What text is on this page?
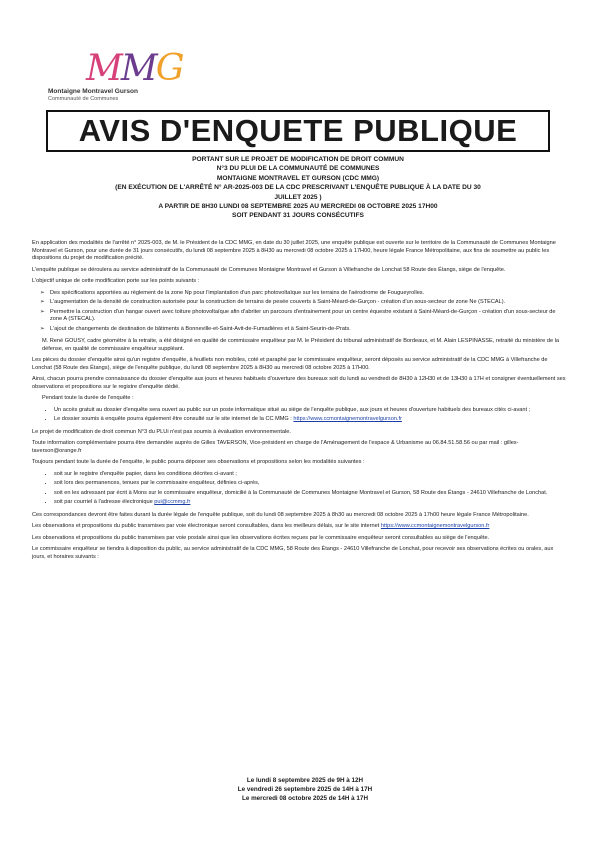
MMG
Montaigne Montravel Gurson
Communauté de Communes
AVIS D'ENQUETE PUBLIQUE
PORTANT SUR LE PROJET DE MODIFICATION DE DROIT COMMUN
N°3 DU PLUI DE LA COMMUNAUTÉ DE COMMUNES
MONTAIGNE MONTRAVEL ET GURSON (CDC MMG)
(EN EXÉCUTION DE L'ARRÊTÉ N° AR-2025-003 DE LA CDC PRESCRIVANT L'ENQUÊTE PUBLIQUE À LA DATE DU 30
JUILLET 2025 )
A PARTIR DE 8H30 LUNDI 08 SEPTEMBRE 2025 AU MERCREDI 08 OCTOBRE 2025 17H00
SOIT PENDANT 31 JOURS CONSÉCUTIFS

En application des modalités de l'arrêté n° 2025-003, de M. le Président de la CDC MMG, en date du 30 juillet 2025, une enquête publique est ouverte sur le territoire de la Communauté de Communes Montaigne Montravel et Gurson, pour une durée de 31 jours consécutifs, du lundi 08 septembre 2025 à 8H30 au mercredi 08 octobre 2025 à 17H00, heure légale France Métropolitaine, aux fins de soumettre au public les dispositions du projet de modification précité.

L'enquête publique se déroulera au service administratif de la Communauté de Communes Montaigne Montravel et Gurson à Villefranche de Lonchat 58 Route des Étangs, siège de l'enquête.

L'objectif unique de cette modification porte sur les points suivants :

➢ Des spécifications apportées au règlement de la zone Np pour l'implantation d'un parc photovoltaïque sur les terrains de l'aérodrome de Fougueyrolles.
➢ L'augmentation de la densité de construction autorisée pour la construction de terrains de pesée couverts à Saint-Méard-de-Gurçon - création d'un sous-secteur de zone Ne (STECAL).
➢ Permettre la construction d'un hangar ouvert avec toiture photovoltaïque afin d'abriter un parcours d'entrainement pour un centre équestre existant à Saint-Méard-de-Gurçon - création d'un sous-secteur de zone A (STECAL).
➢ L'ajout de changements de destination de bâtiments à Bonneville-et-Saint-Avit-de-Fumadières et à Saint-Seurin-de-Prats.

M. René GOUSY, cadre géomètre à la retraite, a été désigné en qualité de commissaire enquêteur par M. le Président du tribunal administratif de Bordeaux, et M. Alain LESPINASSE, retraité du ministère de la défense, en qualité de commissaire enquêteur suppléant.

Les pièces du dossier d'enquête ainsi qu'un registre d'enquête, à feuillets non mobiles, coté et paraphé par le commissaire enquêteur, seront déposés au service administratif de la CDC MMG à Villefranche de Lonchat (58 Route des Étangs), siège de l'enquête publique, du lundi 08 septembre 2025 à 8H30 au mercredi 08 octobre 2025 à 17H00.

Ainsi, chacun pourra prendre connaissance du dossier d'enquête aux jours et heures habituels d'ouverture des bureaux soit du lundi au vendredi de 8H30 à 12H30 et de 13H30 à 17H et consigner éventuellement ses observations et propositions sur le registre d'enquête dédié.

Pendant toute la durée de l'enquête :

• Un accès gratuit au dossier d'enquête sera ouvert au public sur un poste informatique situé au siège de l'enquête publique, aux jours et heures d'ouverture habituels des bureaux cités ci-avant ;
• Le dossier soumis à enquête pourra également être consulté sur le site internet de la CC MMG : https://www.ccmontaignemontravelgurson.fr

Le projet de modification de droit commun N°3 du PLUi n'est pas soumis à évaluation environnementale.

Toute information complémentaire pourra être demandée auprès de Gilles TAVERSON, Vice-président en charge de l'Aménagement de l'espace & Urbanisme au 06.84.51.58.56 ou par mail : gilles-taverson@orange.fr

Toujours pendant toute la durée de l'enquête, le public pourra déposer ses observations et propositions selon les modalités suivantes :

• soit sur le registre d'enquête papier, dans les conditions décrites ci-avant ;
• soit lors des permanences, tenues par le commissaire enquêteur, définies ci-après,
• soit en les adressant par écrit à Mons sur le commissaire enquêteur, domicilié à la Communauté de Communes Montaigne Montravel et Gurson, 58 Route des Étangs - 24610 Villefranche de Lonchat.
• soit par courriel à l'adresse électronique pui@ccmmg.fr

Ces correspondances devront être faites durant la durée légale de l'enquête publique, soit du lundi 08 septembre 2025 à 8h30 au mercredi 08 octobre 2025 à 17h00 heure légale France Métropolitaine.

Les observations et propositions du public transmises par voie électronique seront consultables, dans les meilleurs délais, sur le site internet https://www.ccmontaignemontravelgurson.fr

Les observations et propositions du public transmises par voie postale ainsi que les observations écrites reçues par le commissaire enquêteur seront consultables au siège de l'enquête.

Le commissaire enquêteur se tiendra à disposition du public, au service administratif de la CDC MMG, 58 Route des Étangs - 24610 Villefranche de Lonchat, pour recevoir ses observations écrites ou orales, aux jours, et horaires suivants :

Le lundi 8 septembre 2025 de 9H à 12H
Le vendredi 26 septembre 2025 de 14H à 17H
Le mercredi 08 octobre 2025 de 14H à 17H
